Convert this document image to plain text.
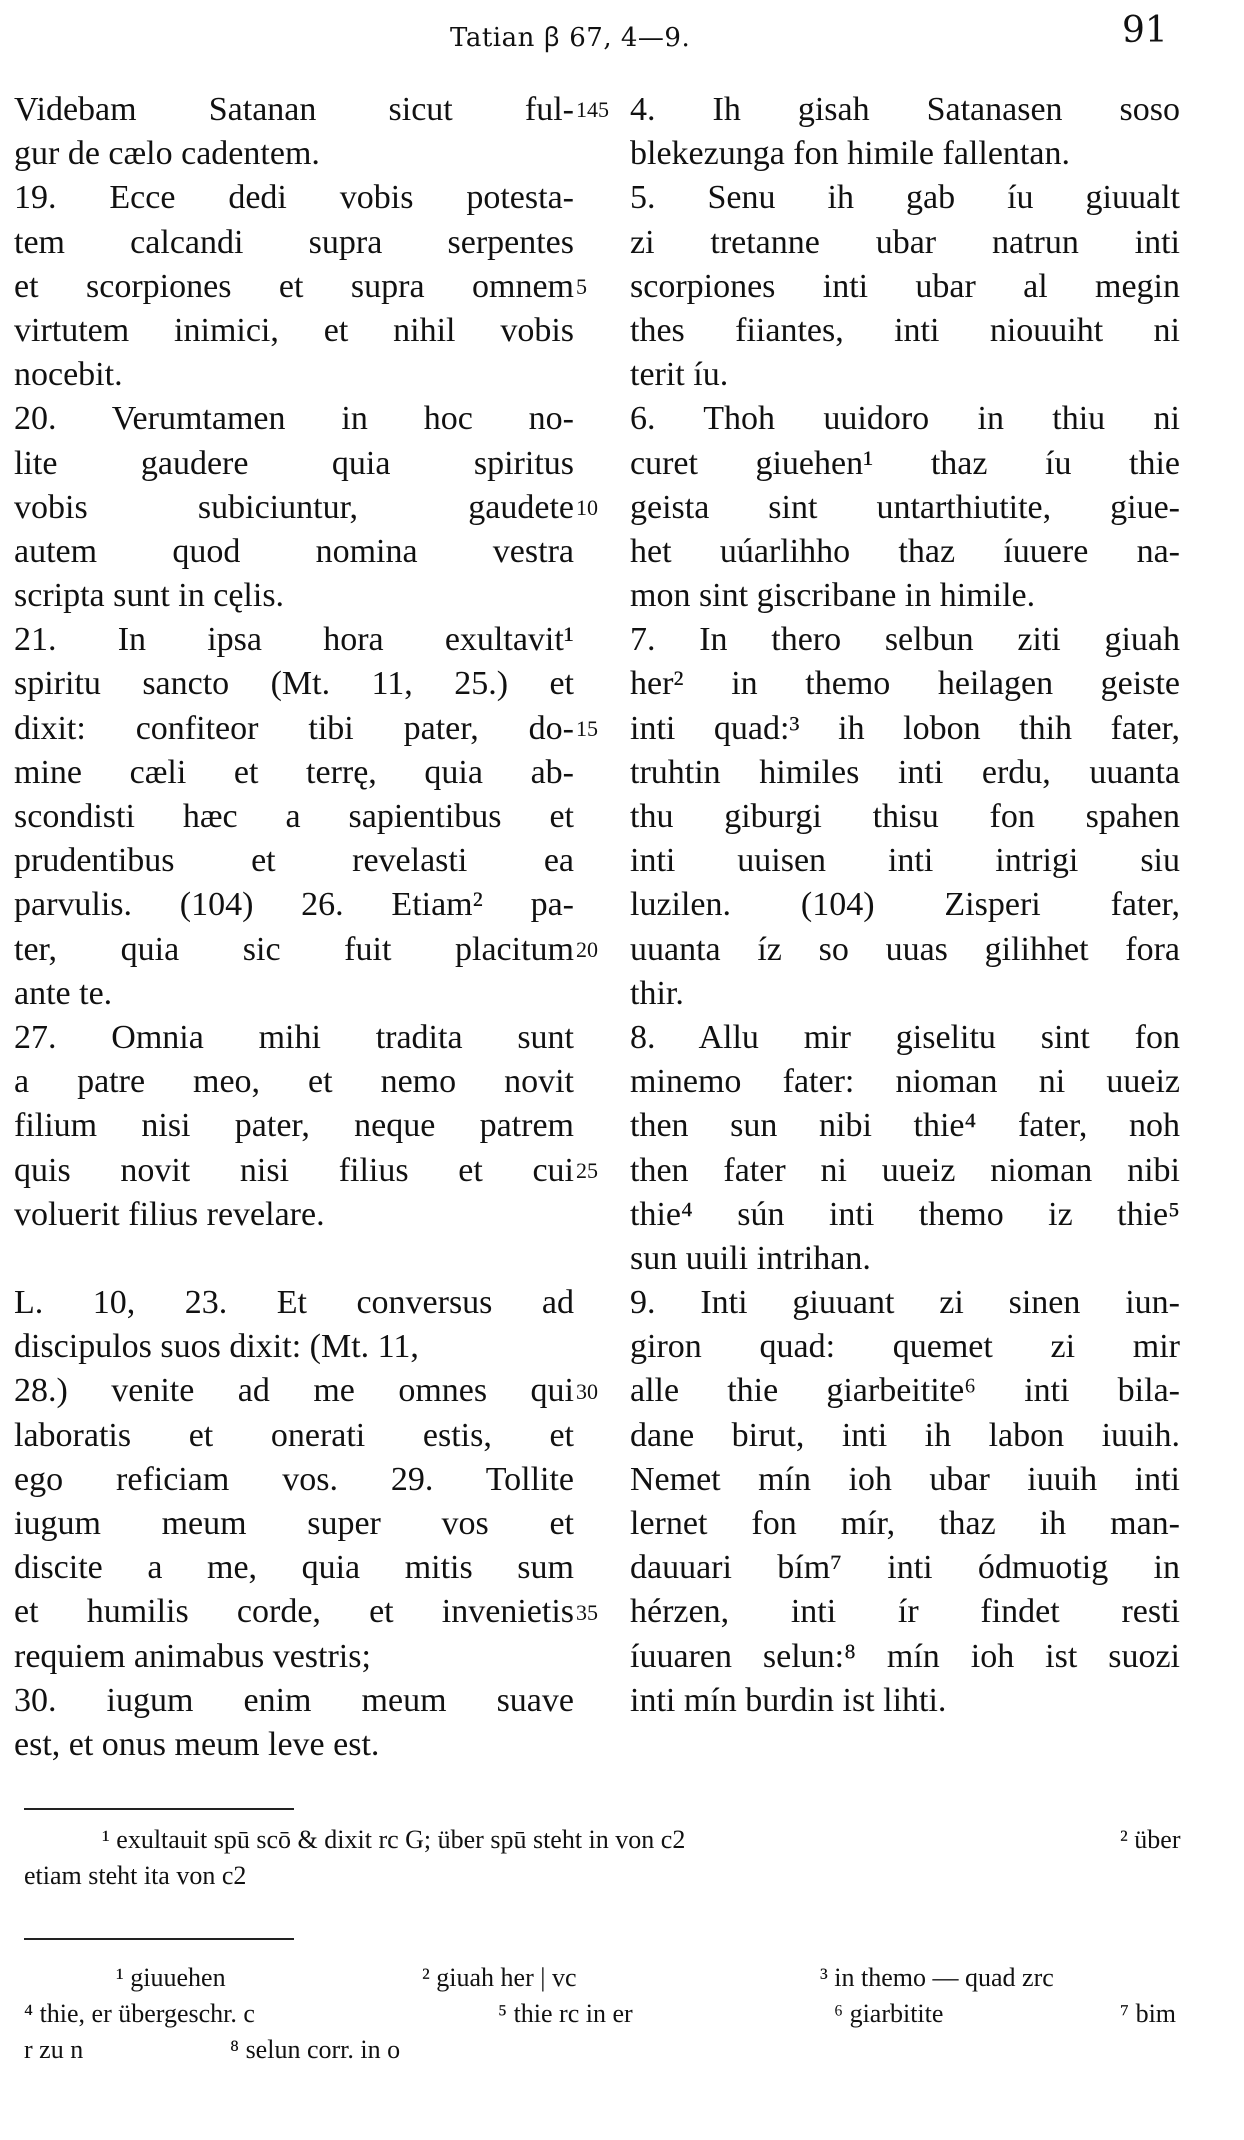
Tatian ꞵ 67, 4—9.	91
Videbam Satanan sicut ful-
gur de cælo cadentem.
19. Ecce dedi vobis potesta-
tem calcandi supra serpentes
et scorpiones et supra omnem
virtutem inimici, et nihil vobis
nocebit.
20. Verumtamen in hoc no-
lite gaudere quia spiritus
vobis subiciuntur, gaudete
autem quod nomina vestra
scripta sunt in cęlis.
21. In ipsa hora exultavit¹
spiritu sancto (Mt. 11, 25.) et
dixit: confiteor tibi pater, do-
mine cæli et terrę, quia ab-
scondisti hæc a sapientibus et
prudentibus et revelasti ea
parvulis. (104) 26. Etiam² pa-
ter, quia sic fuit placitum
ante te.
27. Omnia mihi tradita sunt
a patre meo, et nemo novit
filium nisi pater, neque patrem
quis novit nisi filius et cui
voluerit filius revelare.
L. 10, 23. Et conversus ad
discipulos suos dixit: (Mt. 11,
28.) venite ad me omnes qui
laboratis et onerati estis, et
ego reficiam vos. 29. Tollite
iugum meum super vos et
discite a me, quia mitis sum
et humilis corde, et invenietis
requiem animabus vestris;
30. iugum enim meum suave
est, et onus meum leve est.
145
5
10
15
20
25
30
35
4. Ih gisah Satanasen soso
blekezunga fon himile fallentan.
5. Senu ih gab íu giuualt
zi tretanne ubar natrun inti
scorpiones inti ubar al megin
thes fiiantes, inti niouuiht ni
terit íu.
6. Thoh uuidoro in thiu ni
curet giuehen¹ thaz íu thie
geista sint untarthiutite, giue-
het uúarlihho thaz íuuere na-
mon sint giscribane in himile.
7. In thero selbun ziti giuah
her² in themo heilagen geiste
inti quad:³ ih lobon thih fater,
truhtin himiles inti erdu, uuanta
thu giburgi thisu fon spahen
inti uuisen inti intrigi siu
luzilen. (104) Zisperi fater,
uuanta íz so uuas gilihhet fora
thir.
8. Allu mir giselitu sint fon
minemo fater: nioman ni uueiz
then sun nibi thie⁴ fater, noh
then fater ni uueiz nioman nibi
thie⁴ sún inti themo iz thie⁵
sun uuili intrihan.
9. Inti giuuant zi sinen iun-
giron quad: quemet zi mir
alle thie giarbeitite⁶ inti bila-
dane birut, inti ih labon iuuih.
Nemet mín ioh ubar iuuih inti
lernet fon mír, thaz ih man-
dauuari bím⁷ inti ódmuotig in
hérzen, inti ír findet resti
íuuaren selun:⁸ mín ioh ist suozi
inti mín burdin ist lihti.
¹ exultauit spū scō & dixit rc G; über spū steht in von c2	² über
etiam steht ita von c2
¹ giuuehen	² giuah her | vc	³ in themo — quad zrc
⁴ thie, er übergeschr. c	⁵ thie rc in er	⁶ giarbitite	⁷ bim
r zu n	⁸ selun corr. in o
